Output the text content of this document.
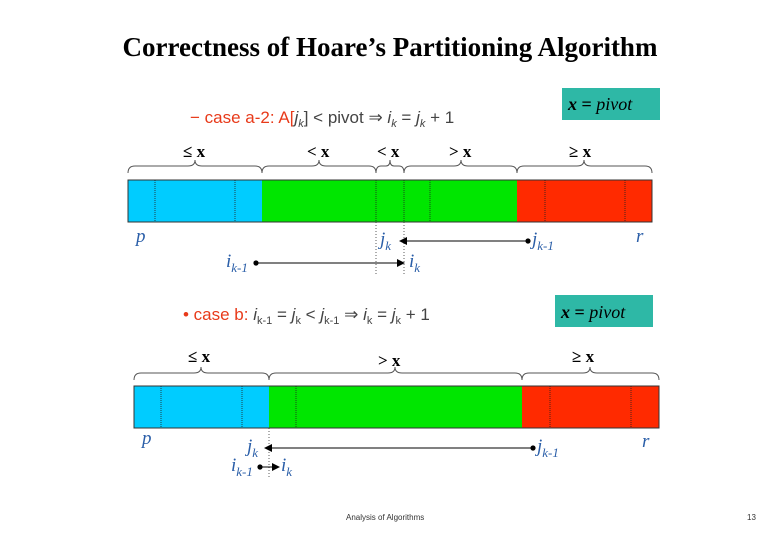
Correctness of Hoare’s Partitioning Algorithm
− case a-2: $A[j_k]$ < pivot ⇒ $i_k = j_k + 1$
x = pivot
≤ x	< x	< x	> x	≥ x
p	r
$j_k$	$j_{k-1}$
$i_{k-1}$	$i_k$
• case b: $i_{k-1} = j_k < j_{k-1}$ ⇒ $i_k = j_k + 1$	x = pivot
≤ x	> x	≥ x
p	r
$j_k$	$j_{k-1}$
$i_{k-1}$ $i_k$
Analysis of Algorithms	13
